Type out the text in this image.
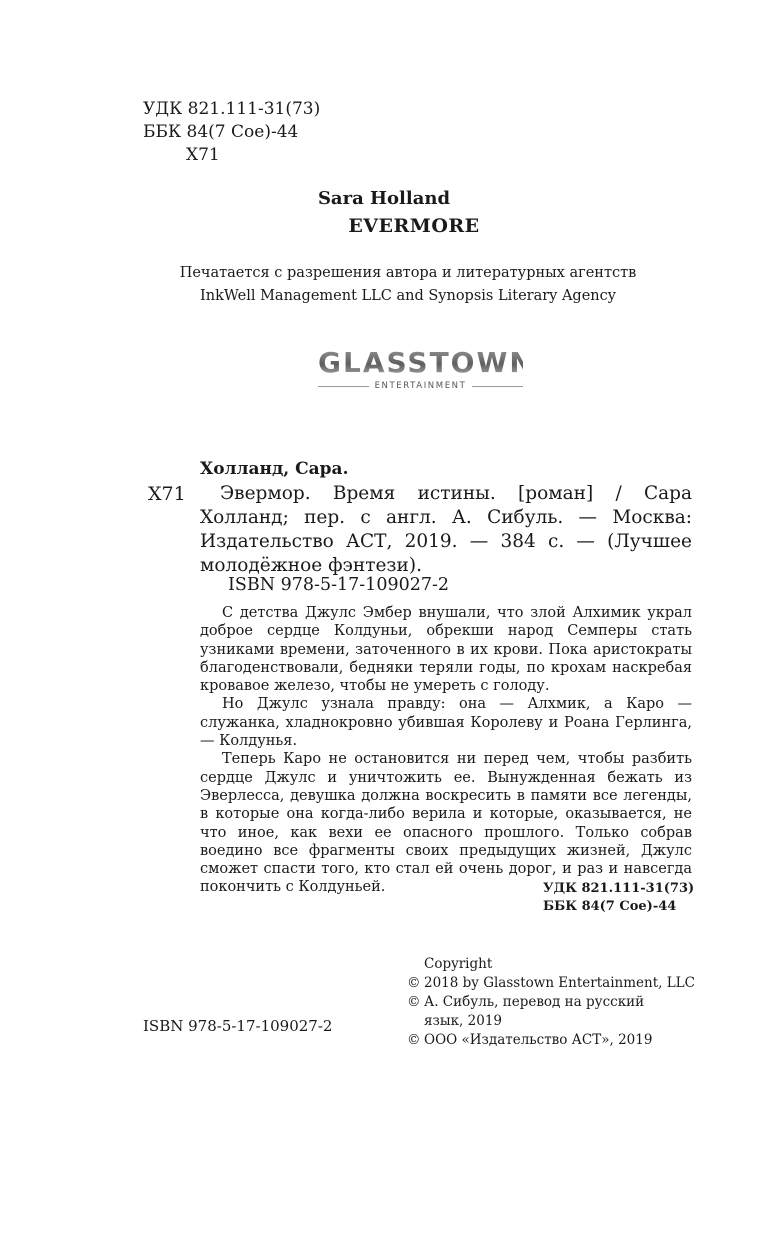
УДК 821.111-31(73)
ББК 84(7 Сое)-44
Х71
Sara Holland
EVERMORE
Печатается с разрешения автора и литературных агентств
InkWell Management LLC and Synopsis Literary Agency
GLASSTOWN
ENTERTAINMENT
Холланд, Сара.
Х71	Эвермор. Время истины. [роман] / Сара Холланд; пер. с англ. А. Сибуль. — Москва: Издательство АСТ, 2019. — 384 с. — (Лучшее молодёжное фэнтези).
ISBN 978-5-17-109027-2

С детства Джулс Эмбер внушали, что злой Алхимик украл доброе сердце Колдуньи, обрекши народ Семперы стать узниками времени, заточенного в их крови. Пока аристократы благоденствовали, бедняки теряли годы, по крохам наскребая кровавое железо, чтобы не умереть с голоду.

Но Джулс узнала правду: она — Алхмик, а Каро — служанка, хладнокровно убившая Королеву и Роана Герлинга, — Колдунья.

Теперь Каро не остановится ни перед чем, чтобы разбить сердце Джулс и уничтожить ее. Вынужденная бежать из Эверлесса, девушка должна воскресить в памяти все легенды, в которые она когда-либо верила и которые, оказывается, не что иное, как вехи ее опасного прошлого. Только собрав воедино все фрагменты своих предыдущих жизней, Джулс сможет спасти того, кто стал ей очень дорог, и раз и навсегда покончить с Колдуньей.	УДК 821.111-31(73)
ББК 84(7 Сое)-44
ISBN 978-5-17-109027-2
Copyright
© 2018 by Glasstown Entertainment, LLC
© А. Сибуль, перевод на русский язык, 2019
© ООО «Издательство АСТ», 2019
